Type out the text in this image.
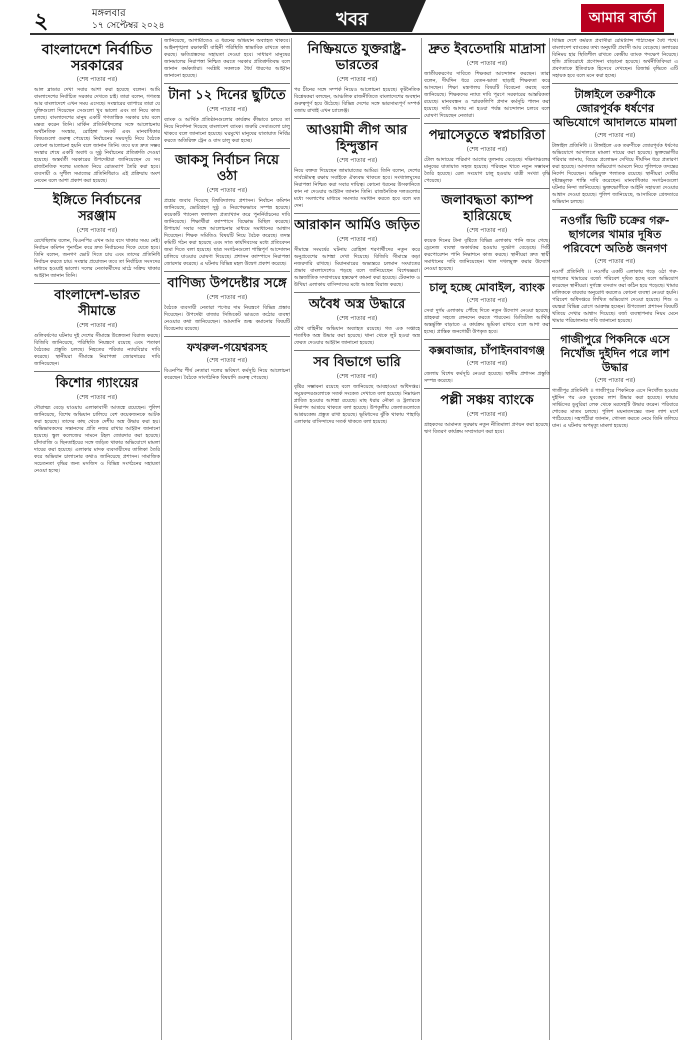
২	মঙ্গলবার
১৭ সেপ্টেম্বর ২০২৪	খবর	আমার বার্তা
বাংলাদেশে নির্বাচিত সরকারের
(শেষ পাতার পর)
আল ব্লাডার দেখা সবার আশা করা হয়েছে বলেন। আমি বাংলাদেশের নির্বাচিত সরকার দেখতে চাই। তারা বলেন, গণতন্ত্র আর বাংলাদেশে এখন সময় এসেছে। সংস্কারের ব্যাপারে তারা যে যুক্তিগুলো দিয়েছেন সেগুলো খুব ভালো এবং তা নিয়ে কাজ চলছে। বাংলাদেশের মানুষ একটি গণতান্ত্রিক সরকার চায় বলে মন্তব্য করেন তিনি। মার্কিন প্রতিনিধিদলের সঙ্গে আলোচনায় অর্থনৈতিক সংস্কার, রোহিঙ্গা সংকট এবং মানবাধিকার বিষয়গুলো গুরুত্ব পেয়েছে। নির্বাচনের সময়সূচি নিয়ে বৈঠকে কোনো আলোচনা হয়নি বলে জানান তিনি। তবে যত দ্রুত সম্ভব সংস্কার শেষে একটি অবাধ ও সুষ্ঠু নির্বাচনের প্রতিশ্রুতি দেওয়া হয়েছে। অন্তর্বর্তী সরকারের উপদেষ্টারা জানিয়েছেন যে সব রাজনৈতিক দলের মতামত নিয়ে রোডম্যাপ তৈরি করা হবে। ব্যবসায়ী ও সুশীল সমাজের প্রতিনিধিরাও এই প্রক্রিয়ায় অংশ নেবেন বলে আশা প্রকাশ করা হয়েছে।
ইঙ্গিতে নির্বাচনের সরঞ্জাম
(শেষ পাতার পর)
রেখেছিলাম বলেন, বিএনপির এখন আর বসে থাকার সময় নেই। নির্বাচন কমিশন পুনর্গঠন করে দ্রুত নির্বাচনের দিকে যেতে হবে। তিনি বলেন, জনগণ ভোট দিতে চায় এবং তাদের প্রতিনিধি নির্বাচন করতে চায়। সংস্কার প্রয়োজন তবে তা নির্বাচিত সংসদের মাধ্যমে হওয়াই ভালো। দলের নেতাকর্মীদের মাঠে সক্রিয় থাকার আহ্বান জানান তিনি।
বাংলাদেশ-ভারত সীমান্তে
(শেষ পাতার পর)
গুলিবর্ষণের ঘটনায় দুই দেশের সীমান্তে উত্তেজনা বিরাজ করছে। বিজিবি জানিয়েছে, পরিস্থিতি নিয়ন্ত্রণে রয়েছে এবং পতাকা বৈঠকের প্রস্তুতি চলছে। নিহতের পরিবার ন্যায়বিচার দাবি করেছে। স্থানীয়রা সীমান্তে নিরাপত্তা জোরদারের দাবি জানিয়েছেন।
কিশোর গ্যাংয়ের
(শেষ পাতার পর)
দৌরাত্ম্য বেড়ে যাওয়ায় এলাকাবাসী আতঙ্কে রয়েছেন। পুলিশ জানিয়েছে, বিশেষ অভিযান চালিয়ে বেশ কয়েকজনকে আটক করা হয়েছে। তাদের কাছ থেকে দেশীয় অস্ত্র উদ্ধার করা হয়। অভিভাবকদের সন্তানদের প্রতি নজর রাখার আহ্বান জানানো হয়েছে। স্কুল কলেজের সামনে টহল জোরদার করা হয়েছে। চাঁদাবাজি ও ছিনতাইয়ের সঙ্গে জড়িত থাকার অভিযোগে মামলা দায়ের করা হয়েছে। এলাকার মাদক ব্যবসায়ীদের তালিকা তৈরি করে অভিযান চালানোর কথাও জানিয়েছে প্রশাসন। সামাজিক সচেতনতা বৃদ্ধির জন্য মসজিদ ও বিভিন্ন সংগঠনের সহায়তা নেওয়া হচ্ছে।
জানিয়েছে, আগামীতেও এ ধরনের অভিযান অব্যাহত থাকবে। আইনশৃঙ্খলা রক্ষাকারী বাহিনী পরিস্থিতি স্বাভাবিক রাখতে কাজ করছে। ক্ষতিগ্রস্তদের সহায়তা দেওয়া হবে। সাধারণ মানুষের জানমালের নিরাপত্তা নিশ্চিত করতে সরকার প্রতিশ্রুতিবদ্ধ বলে জানান কর্মকর্তারা। সংশ্লিষ্ট সকলকে ধৈর্য ধারণের আহ্বান জানানো হয়েছে।
টানা ১২ দিনের ছুটিতে
(শেষ পাতার পর)
ব্যাংক ও আর্থিক প্রতিষ্ঠানগুলোর কার্যক্রম কীভাবে চলবে তা নিয়ে নির্দেশনা দিয়েছে বাংলাদেশ ব্যাংক। জরুরি সেবাগুলো চালু থাকবে বলে জানানো হয়েছে। ঘরমুখো মানুষের যাতায়াত নির্বিঘ্ন করতে অতিরিক্ত ট্রেন ও বাস চালু করা হচ্ছে।
জাকসু নির্বাচন নিয়ে ওঠা
(শেষ পাতার পর)
প্রশ্নের জবাব দিয়েছে বিশ্ববিদ্যালয় প্রশাসন। নির্বাচন কমিশন জানিয়েছে, ভোটগ্রহণ সুষ্ঠু ও নিরপেক্ষভাবে সম্পন্ন হয়েছে। কয়েকটি প্যানেল ফলাফল প্রত্যাখ্যান করে পুনর্নির্বাচনের দাবি জানিয়েছে। শিক্ষার্থীরা ক্যাম্পাসে বিক্ষোভ মিছিল করেছে। উপাচার্য সবার সঙ্গে আলোচনার মাধ্যমে সমাধানের আশ্বাস দিয়েছেন। শিক্ষক সমিতিও বিষয়টি নিয়ে বৈঠক করেছে। তদন্ত কমিটি গঠন করা হয়েছে এবং সাত কার্যদিবসের মধ্যে প্রতিবেদন জমা দিতে বলা হয়েছে। ছাত্র সংগঠনগুলো শান্তিপূর্ণ আন্দোলন চালিয়ে যাওয়ার ঘোষণা দিয়েছে। প্রশাসন ক্যাম্পাসে নিরাপত্তা জোরদার করেছে। এ ঘটনায় বিভিন্ন মহল উদ্বেগ প্রকাশ করেছে।
বাণিজ্য উপদেষ্টার সঙ্গে
(শেষ পাতার পর)
বৈঠকে ব্যবসায়ী নেতারা পণ্যের দাম নিয়ন্ত্রণে বিভিন্ন প্রস্তাব দিয়েছেন। উপদেষ্টা বাজার সিন্ডিকেট ভাঙতে কঠোর ব্যবস্থা নেওয়ার কথা জানিয়েছেন। আমদানি শুল্ক কমানোর বিষয়টি বিবেচনায় রয়েছে।
ফখরুল-গয়েশ্বরসহ
(শেষ পাতার পর)
বিএনপির শীর্ষ নেতারা দলের ভবিষ্যৎ কর্মসূচি নিয়ে আলোচনা করেছেন। বৈঠকে সাংগঠনিক বিষয়াদি গুরুত্ব পেয়েছে।
নিষ্ক্রিয়তে যুক্তরাষ্ট্র-ভারতের
(শেষ পাতার পর)
পর চীনের সঙ্গে সম্পর্ক নিয়েও আলোচনা হয়েছে। কূটনৈতিক বিশ্লেষকরা বলছেন, আঞ্চলিক রাজনীতিতে বাংলাদেশের অবস্থান গুরুত্বপূর্ণ হয়ে উঠেছে। বিভিন্ন দেশের সঙ্গে ভারসাম্যপূর্ণ সম্পর্ক বজায় রাখাই এখন চ্যালেঞ্জ।
আওয়ামী লীগ আর হিন্দুস্তান
(শেষ পাতার পর)
নিয়ে বক্তব্য দিয়েছেন জামায়াতের আমির। তিনি বলেন, দেশের সার্বভৌমত্ব রক্ষায় সবাইকে ঐক্যবদ্ধ থাকতে হবে। সংখ্যালঘুদের নিরাপত্তা নিশ্চিত করা সবার দায়িত্ব। কোনো ধরনের উসকানিতে কান না দেওয়ার আহ্বান জানান তিনি। রাজনৈতিক দলগুলোর মধ্যে সংলাপের মাধ্যমে সমস্যার সমাধান করতে হবে বলে মত দেন।
আরাকান আর্মিও জড়িত
(শেষ পাতার পর)
সীমান্তে সংঘর্ষের ঘটনায় রোহিঙ্গা শরণার্থীদের নতুন করে অনুপ্রবেশের আশঙ্কা দেখা দিয়েছে। বিজিবি সীমান্তে কড়া নজরদারি রাখছে। মিয়ানমারের অভ্যন্তরে চলমান সংঘাতের প্রভাব বাংলাদেশেও পড়ছে বলে জানিয়েছেন বিশেষজ্ঞরা। আন্তর্জাতিক সম্প্রদায়ের হস্তক্ষেপ কামনা করা হয়েছে। টেকনাফ ও উখিয়া এলাকায় বাসিন্দাদের মধ্যে আতঙ্ক বিরাজ করছে।
অবৈধ অস্ত্র উদ্ধারে
(শেষ পাতার পর)
যৌথ বাহিনীর অভিযান অব্যাহত রয়েছে। গত এক সপ্তাহে শতাধিক অস্ত্র উদ্ধার করা হয়েছে। থানা থেকে লুট হওয়া অস্ত্র ফেরত দেওয়ার আহ্বান জানানো হয়েছে।
সব বিভাগে ভারি
(শেষ পাতার পর)
বৃষ্টির সম্ভাবনা রয়েছে বলে জানিয়েছে আবহাওয়া অধিদপ্তর। সমুদ্রবন্দরগুলোকে সতর্ক সংকেত দেখাতে বলা হয়েছে। নিম্নাঞ্চল প্লাবিত হওয়ার আশঙ্কা রয়েছে। মাছ ধরার নৌকা ও ট্রলারকে নিরাপদ আশ্রয়ে থাকতে বলা হয়েছে। উপকূলীয় জেলাগুলোতে আশ্রয়কেন্দ্র প্রস্তুত রাখা হয়েছে। ভূমিধসের ঝুঁকি থাকায় পাহাড়ি এলাকার বাসিন্দাদের সতর্ক থাকতে বলা হয়েছে।
দ্রুত ইবতেদায়ি মাদ্রাসা
(শেষ পাতার পর)
জাতীয়করণের দাবিতে শিক্ষকরা আন্দোলন করছেন। তারা বলেন, দীর্ঘদিন ধরে বেতন-ভাতা ছাড়াই শিক্ষকতা করে আসছেন। শিক্ষা মন্ত্রণালয় বিষয়টি বিবেচনা করছে বলে জানিয়েছে। শিক্ষকদের ন্যায্য দাবি পূরণে সরকারের আন্তরিকতা রয়েছে। মানববন্ধন ও স্মারকলিপি প্রদান কর্মসূচি পালন করা হয়েছে। দাবি আদায় না হওয়া পর্যন্ত আন্দোলন চলবে বলে ঘোষণা দিয়েছেন নেতারা।
পদ্মাসেতুতে স্বপ্নচারিতা
(শেষ পাতার পর)
টোল আদায়ের পরিমাণ আগের তুলনায় বেড়েছে। দক্ষিণাঞ্চলের মানুষের যাতায়াত সহজ হয়েছে। পরিবহন খাতে নতুন সম্ভাবনা তৈরি হয়েছে। রেল সংযোগ চালু হওয়ায় যাত্রী সংখ্যা বৃদ্ধি পেয়েছে।
জলাবদ্ধতা ক্যাম্প হারিয়েছে
(শেষ পাতার পর)
কয়েক দিনের টানা বৃষ্টিতে বিভিন্ন এলাকায় পানি জমে গেছে। ড্রেনেজ ব্যবস্থা অকার্যকর হওয়ায় দুর্ভোগ বেড়েছে। সিটি করপোরেশন পানি নিষ্কাশনে কাজ করছে। স্থানীয়রা দ্রুত স্থায়ী সমাধানের দাবি জানিয়েছেন। খাল দখলমুক্ত করার উদ্যোগ নেওয়া হয়েছে।
চালু হচ্ছে মোবাইল, ব্যাংক
(শেষ পাতার পর)
সেবা দুর্গম এলাকায় পৌঁছে দিতে নতুন উদ্যোগ নেওয়া হয়েছে। গ্রাহকরা সহজে লেনদেন করতে পারবেন। ডিজিটাল আর্থিক অন্তর্ভুক্তি বাড়াতে এ কার্যক্রম ভূমিকা রাখবে বলে আশা করা হচ্ছে। প্রান্তিক জনগোষ্ঠী উপকৃত হবে।
কক্সবাজার, চাঁপাইনবাবগঞ্জ
(শেষ পাতার পর)
জেলায় বিশেষ কর্মসূচি নেওয়া হয়েছে। স্থানীয় প্রশাসন প্রস্তুতি সম্পন্ন করেছে।
পল্লী সঞ্চয় ব্যাংকে
(শেষ পাতার পর)
গ্রাহকদের আমানত সুরক্ষায় নতুন নীতিমালা প্রণয়ন করা হয়েছে। ঋণ বিতরণ কার্যক্রম সম্প্রসারণ করা হবে।
বিভিন্ন দেশে কর্মরত প্রবাসীরা রেমিট্যান্স পাঠাচ্ছেন বৈধ পথে। বাংলাদেশ ব্যাংকের তথ্য অনুযায়ী প্রবাসী আয় বেড়েছে। ডলারের বিনিময় হার স্থিতিশীল রাখতে কেন্দ্রীয় ব্যাংক পদক্ষেপ নিয়েছে। হুন্ডি প্রতিরোধে প্রণোদনা বাড়ানো হয়েছে। অর্থনীতিবিদরা এ প্রবণতাকে ইতিবাচক হিসেবে দেখছেন। রিজার্ভ বৃদ্ধিতে এটি সহায়ক হবে বলে মনে করা হচ্ছে।
টাঙ্গাইলে তরুণীকে জোরপূর্বক ধর্ষণের অভিযোগে আদালতে মামলা
(শেষ পাতার পর)
টাঙ্গাইল প্রতিনিধি ।। টাঙ্গাইলে এক তরুণীকে জোরপূর্বক ধর্ষণের অভিযোগে আদালতে মামলা দায়ের করা হয়েছে। ভুক্তভোগীর পরিবার জানায়, বিয়ের প্রলোভন দেখিয়ে দীর্ঘদিন ধরে প্রতারণা করা হয়েছে। আদালত অভিযোগ আমলে নিয়ে পুলিশকে তদন্তের নির্দেশ দিয়েছেন। অভিযুক্ত পলাতক রয়েছে। স্থানীয়রা দোষীর দৃষ্টান্তমূলক শাস্তি দাবি করেছেন। মানবাধিকার সংগঠনগুলো ঘটনার নিন্দা জানিয়েছে। ভুক্তভোগীকে আইনি সহায়তা দেওয়ার আশ্বাস দেওয়া হয়েছে। পুলিশ জানিয়েছে, আসামিকে গ্রেফতারে অভিযান চলছে।
নওগাঁর ভিটি চক্রের গরু-ছাগলের খামার দূষিত পরিবেশে অতিষ্ঠ জনগণ
(শেষ পাতার পর)
নওগাঁ প্রতিনিধি ।। নওগাঁর একটি এলাকায় গড়ে ওঠা গরু-ছাগলের খামারের বর্জ্যে পরিবেশ দূষিত হচ্ছে বলে অভিযোগ করেছেন স্থানীয়রা। দুর্গন্ধে বসবাস করা কঠিন হয়ে পড়েছে। খামার মালিককে বারবার অনুরোধ করলেও কোনো ব্যবস্থা নেওয়া হয়নি। পরিবেশ অধিদপ্তরে লিখিত অভিযোগ দেওয়া হয়েছে। শিশু ও বয়স্করা বিভিন্ন রোগে আক্রান্ত হচ্ছেন। উপজেলা প্রশাসন বিষয়টি খতিয়ে দেখার আশ্বাস দিয়েছে। বর্জ্য ব্যবস্থাপনার নিয়ম মেনে খামার পরিচালনার দাবি জানানো হয়েছে।
গাজীপুরে পিকনিকে এসে নিখোঁজ দুইদিন পরে লাশ উদ্ধার
(শেষ পাতার পর)
গাজীপুর প্রতিনিধি ।। গাজীপুরে পিকনিকে এসে নিখোঁজ হওয়ার দুইদিন পর এক যুবকের লাশ উদ্ধার করা হয়েছে। ফায়ার সার্ভিসের ডুবুরিরা লেক থেকে মরদেহটি উদ্ধার করেন। পরিবারে শোকের মাতম চলছে। পুলিশ ময়নাতদন্তের জন্য লাশ মর্গে পাঠিয়েছে। সহপাঠীরা জানান, গোসল করতে নেমে তিনি তলিয়ে যান। এ ঘটনায় অপমৃত্যু মামলা হয়েছে।
